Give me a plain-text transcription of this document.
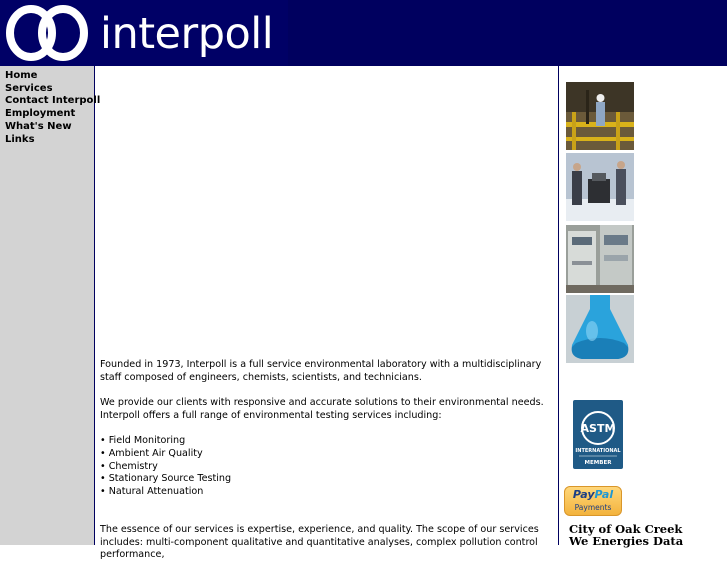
interpoll
Home
Services
Contact Interpoll
Employment
What's New
Links

Founded in 1973, Interpoll is a full service environmental laboratory with a multidisciplinary staff composed of engineers, chemists, scientists, and technicians.

We provide our clients with responsive and accurate solutions to their environmental needs. Interpoll offers a full range of environmental testing services including:

• Field Monitoring

• Ambient Air Quality

• Chemistry

• Stationary Source Testing

• Natural Attenuation

The essence of our services is expertise, experience, and quality. The scope of our services includes: multi-component qualitative and quantitative analyses, complex pollution control performance,

ASTM
INTERNATIONAL
MEMBER
PayPal
Payments
City of Oak Creek
We Energies Data
